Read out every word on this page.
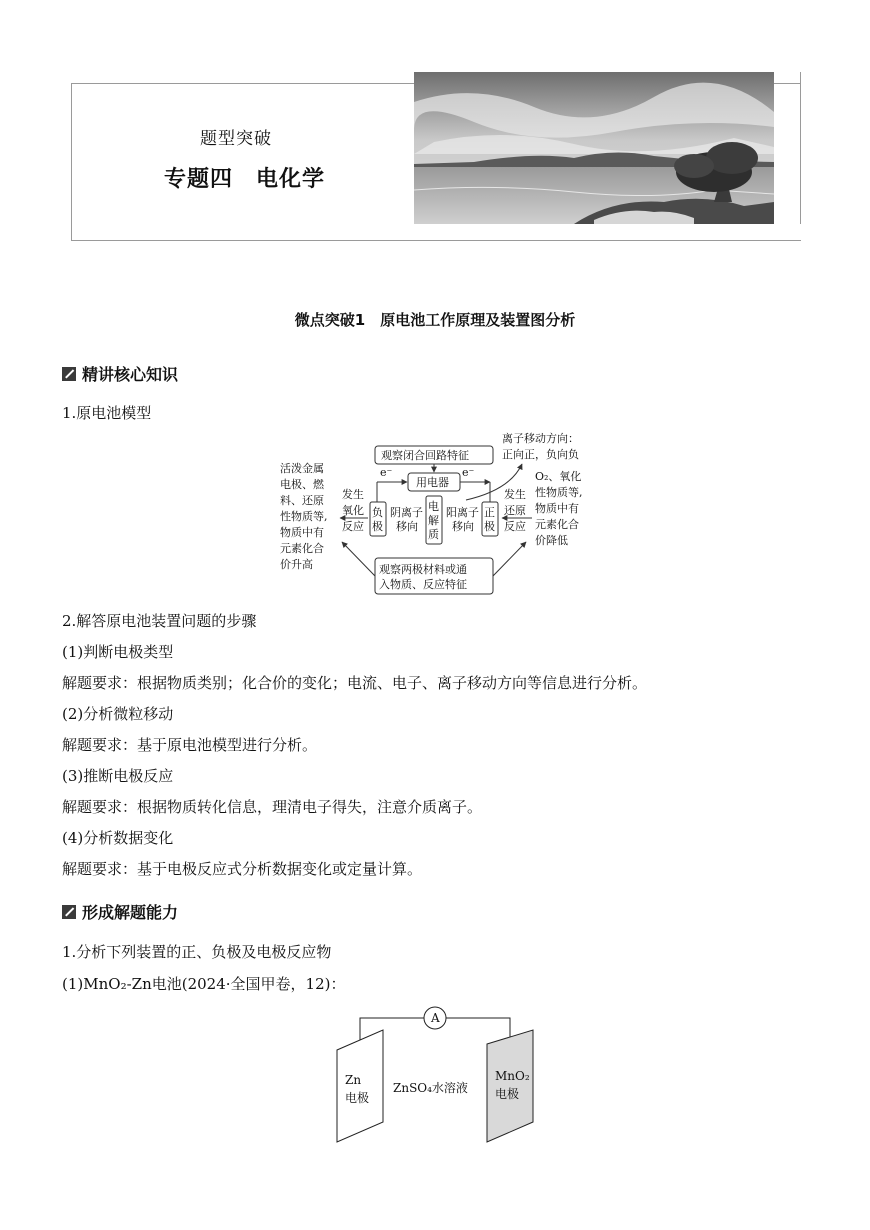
题型突破
专题四　电化学
微点突破1　原电池工作原理及装置图分析
精讲核心知识
1.原电池模型
活泼金属
电极、燃
料、还原
性物质等,
物质中有
元素化合
价升高
观察闭合回路特征
用电器
e⁻	e⁻
发生
氧化
反应
负
极
阴离子
移向
电
解
质
阳离子
移向
正
极
发生
还原
反应
离子移动方向：
正向正，负向负
O₂、氧化
性物质等,
物质中有
元素化合
价降低
观察两极材料或通
入物质、反应特征
2.解答原电池装置问题的步骤
(1)判断电极类型
解题要求：根据物质类别；化合价的变化；电流、电子、离子移动方向等信息进行分析。
(2)分析微粒移动
解题要求：基于原电池模型进行分析。
(3)推断电极反应
解题要求：根据物质转化信息，理清电子得失，注意介质离子。
(4)分析数据变化
解题要求：基于电极反应式分析数据变化或定量计算。
形成解题能力
1.分析下列装置的正、负极及电极反应物
(1)MnO₂-Zn电池(2024·全国甲卷，12)：
A
Zn
电极
ZnSO₄水溶液
MnO₂
电极
